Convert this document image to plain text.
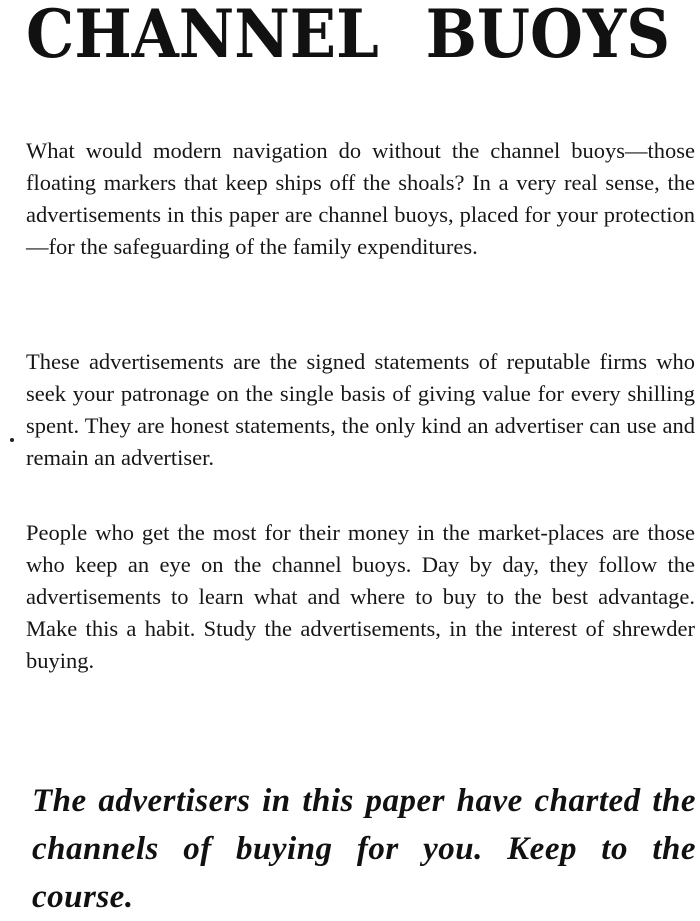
CHANNEL BUOYS

What would modern navigation do without the channel buoys—those floating markers that keep ships off the shoals? In a very real sense, the advertisements in this paper are channel buoys, placed for your protection—for the safeguarding of the family expenditures.

These advertisements are the signed statements of reputable firms who seek your patronage on the single basis of giving value for every shilling spent. They are honest statements, the only kind an advertiser can use and remain an advertiser.

People who get the most for their money in the market-places are those who keep an eye on the channel buoys. Day by day, they follow the advertisements to learn what and where to buy to the best advantage. Make this a habit. Study the advertisements, in the interest of shrewder buying.

The advertisers in this paper have charted the channels of buying for you. Keep to the course.
